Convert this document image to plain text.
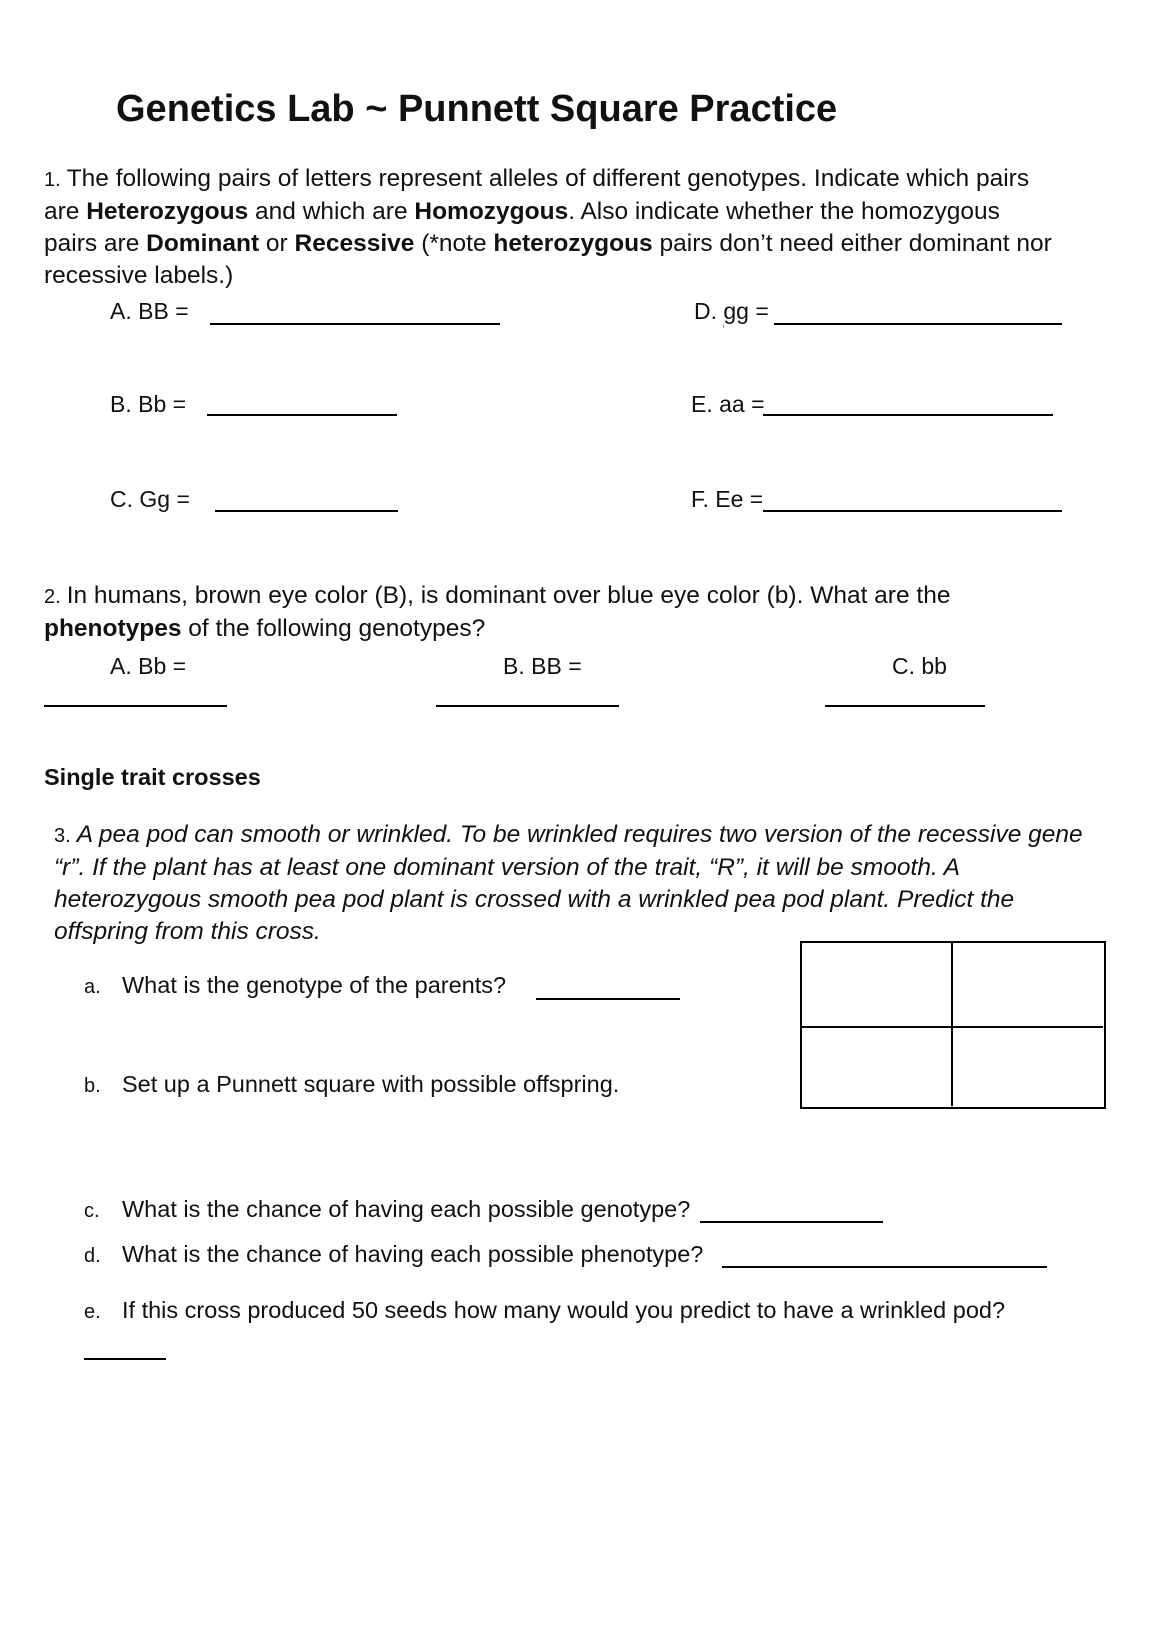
Genetics Lab ~ Punnett Square Practice
1. The following pairs of letters represent alleles of different genotypes. Indicate which pairs are Heterozygous and which are Homozygous. Also indicate whether the homozygous pairs are Dominant or Recessive (*note heterozygous pairs don’t need either dominant nor recessive labels.)
A. BB =	D. gg =
B. Bb =	E. aa =
C. Gg =	F. Ee =
2. In humans, brown eye color (B), is dominant over blue eye color (b). What are the phenotypes of the following genotypes?
A. Bb =	B. BB =	C. bb
Single trait crosses
3. A pea pod can smooth or wrinkled. To be wrinkled requires two version of the recessive gene “r”. If the plant has at least one dominant version of the trait, “R”, it will be smooth. A heterozygous smooth pea pod plant is crossed with a wrinkled pea pod plant. Predict the offspring from this cross.
a. What is the genotype of the parents?
b. Set up a Punnett square with possible offspring.
c. What is the chance of having each possible genotype?
d. What is the chance of having each possible phenotype?
e. If this cross produced 50 seeds how many would you predict to have a wrinkled pod?
